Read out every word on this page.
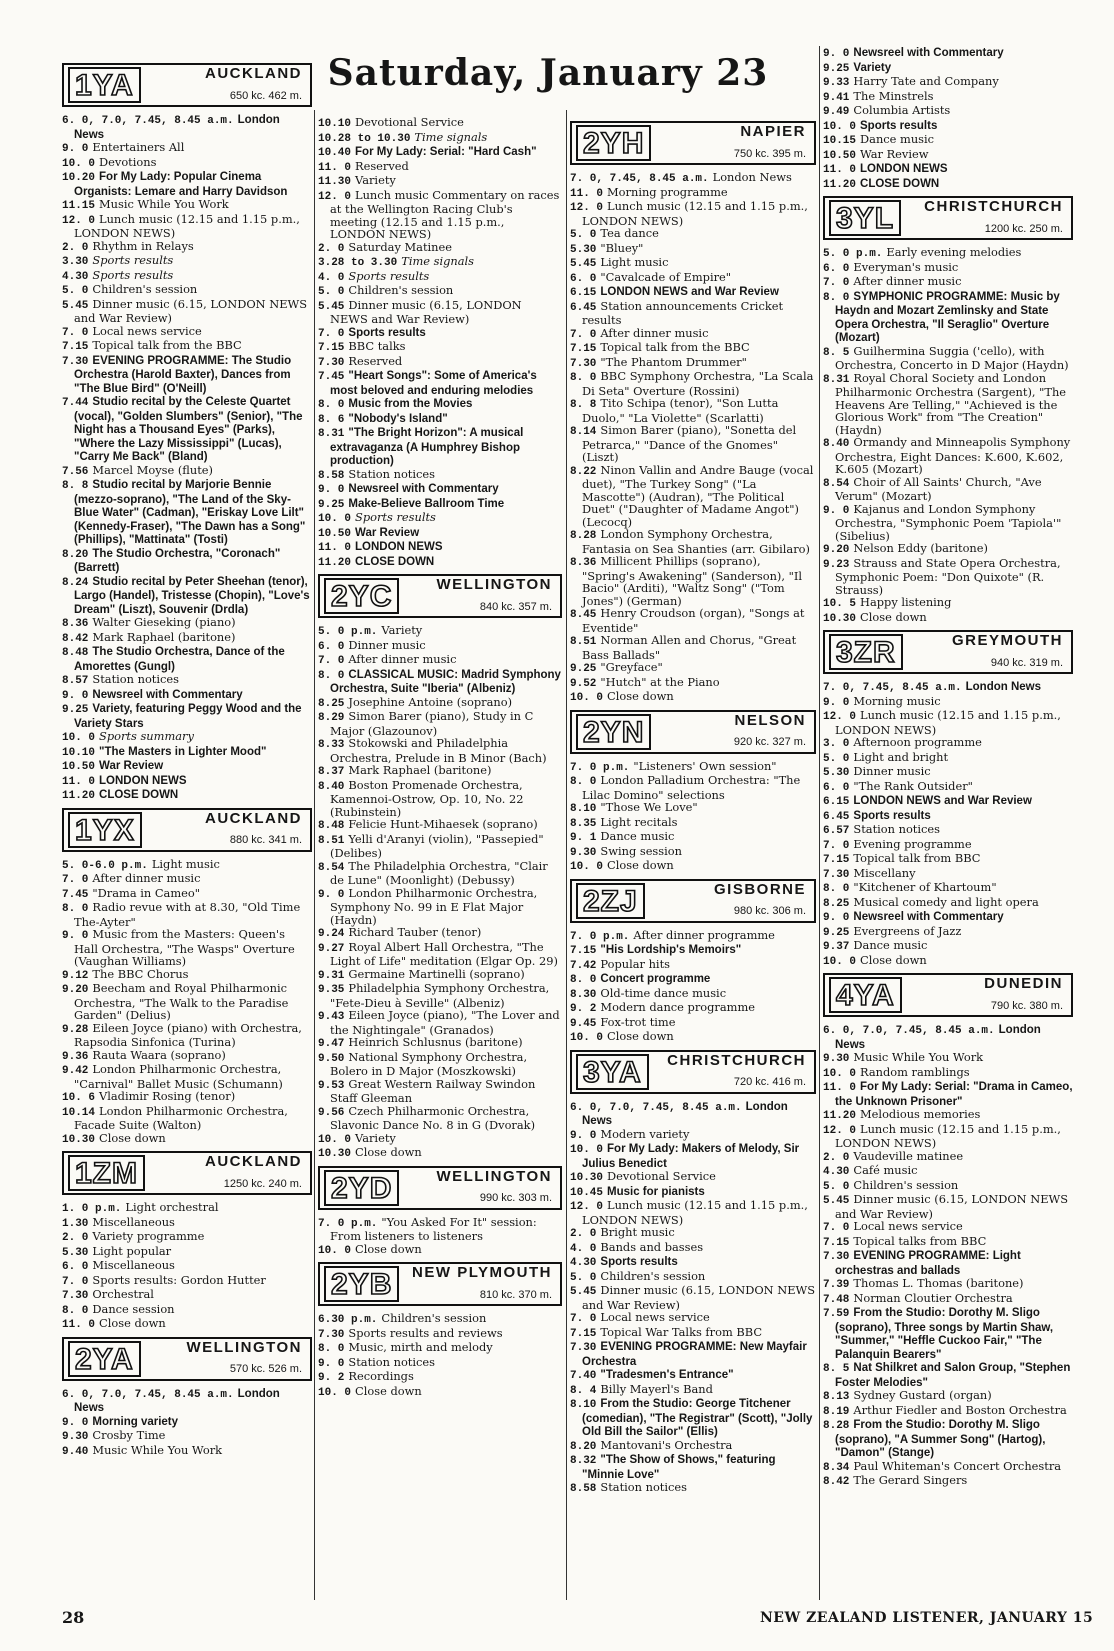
Saturday, January 23
1YA	AUCKLAND
650 kc. 462 m.

6. 0, 7.0, 7.45, 8.45 a.m. London News

9. 0 Entertainers All

10. 0 Devotions

10.20 For My Lady: Popular Cinema Organists: Lemare and Harry Davidson

11.15 Music While You Work

12. 0 Lunch music (12.15 and 1.15 p.m., LONDON NEWS)

2. 0 Rhythm in Relays

3.30 Sports results

4.30 Sports results

5. 0 Children's session

5.45 Dinner music (6.15, LONDON NEWS and War Review)

7. 0 Local news service

7.15 Topical talk from the BBC

7.30 EVENING PROGRAMME: The Studio Orchestra (Harold Baxter), Dances from "The Blue Bird" (O'Neill)

7.44 Studio recital by the Celeste Quartet (vocal), "Golden Slumbers" (Senior), "The Night has a Thousand Eyes" (Parks), "Where the Lazy Mississippi" (Lucas), "Carry Me Back" (Bland)

7.56 Marcel Moyse (flute)

8. 8 Studio recital by Marjorie Bennie (mezzo-soprano), "The Land of the Sky-Blue Water" (Cadman), "Eriskay Love Lilt" (Kennedy-Fraser), "The Dawn has a Song" (Phillips), "Mattinata" (Tosti)

8.20 The Studio Orchestra, "Coronach" (Barrett)

8.24 Studio recital by Peter Sheehan (tenor), Largo (Handel), Tristesse (Chopin), "Love's Dream" (Liszt), Souvenir (Drdla)

8.36 Walter Gieseking (piano)

8.42 Mark Raphael (baritone)

8.48 The Studio Orchestra, Dance of the Amorettes (Gungl)

8.57 Station notices

9. 0 Newsreel with Commentary

9.25 Variety, featuring Peggy Wood and the Variety Stars

10. 0 Sports summary

10.10 "The Masters in Lighter Mood"

10.50 War Review

11. 0 LONDON NEWS

11.20 CLOSE DOWN

1YX	AUCKLAND
880 kc. 341 m.

5. 0-6.0 p.m. Light music

7. 0 After dinner music

7.45 "Drama in Cameo"

8. 0 Radio revue with at 8.30, "Old Time The-Ayter"

9. 0 Music from the Masters: Queen's Hall Orchestra, "The Wasps" Overture (Vaughan Williams)

9.12 The BBC Chorus

9.20 Beecham and Royal Philharmonic Orchestra, "The Walk to the Paradise Garden" (Delius)

9.28 Eileen Joyce (piano) with Orchestra, Rapsodia Sinfonica (Turina)

9.36 Rauta Waara (soprano)

9.42 London Philharmonic Orchestra, "Carnival" Ballet Music (Schumann)

10. 6 Vladimir Rosing (tenor)

10.14 London Philharmonic Orchestra, Facade Suite (Walton)

10.30 Close down

1ZM	AUCKLAND
1250 kc. 240 m.

1. 0 p.m. Light orchestral

1.30 Miscellaneous

2. 0 Variety programme

5.30 Light popular

6. 0 Miscellaneous

7. 0 Sports results: Gordon Hutter

7.30 Orchestral

8. 0 Dance session

11. 0 Close down

2YA	WELLINGTON
570 kc. 526 m.

6. 0, 7.0, 7.45, 8.45 a.m. London News

9. 0 Morning variety

9.30 Crosby Time

9.40 Music While You Work

10.10 Devotional Service

10.28 to 10.30 Time signals

10.40 For My Lady: Serial: "Hard Cash"

11. 0 Reserved

11.30 Variety

12. 0 Lunch music Commentary on races at the Wellington Racing Club's meeting (12.15 and 1.15 p.m., LONDON NEWS)

2. 0 Saturday Matinee

3.28 to 3.30 Time signals

4. 0 Sports results

5. 0 Children's session

5.45 Dinner music (6.15, LONDON NEWS and War Review)

7. 0 Sports results

7.15 BBC talks

7.30 Reserved

7.45 "Heart Songs": Some of America's most beloved and enduring melodies

8. 0 Music from the Movies

8. 6 "Nobody's Island"

8.31 "The Bright Horizon": A musical extravaganza (A Humphrey Bishop production)

8.58 Station notices

9. 0 Newsreel with Commentary

9.25 Make-Believe Ballroom Time

10. 0 Sports results

10.50 War Review

11. 0 LONDON NEWS

11.20 CLOSE DOWN

2YC	WELLINGTON
840 kc. 357 m.

5. 0 p.m. Variety

6. 0 Dinner music

7. 0 After dinner music

8. 0 CLASSICAL MUSIC: Madrid Symphony Orchestra, Suite "Iberia" (Albeniz)

8.25 Josephine Antoine (soprano)

8.29 Simon Barer (piano), Study in C Major (Glazounov)

8.33 Stokowski and Philadelphia Orchestra, Prelude in B Minor (Bach)

8.37 Mark Raphael (baritone)

8.40 Boston Promenade Orchestra, Kamennoi-Ostrow, Op. 10, No. 22 (Rubinstein)

8.48 Felicie Hunt-Mihaesek (soprano)

8.51 Yelli d'Aranyi (violin), "Passepied" (Delibes)

8.54 The Philadelphia Orchestra, "Clair de Lune" (Moonlight) (Debussy)

9. 0 London Philharmonic Orchestra, Symphony No. 99 in E Flat Major (Haydn)

9.24 Richard Tauber (tenor)

9.27 Royal Albert Hall Orchestra, "The Light of Life" meditation (Elgar Op. 29)

9.31 Germaine Martinelli (soprano)

9.35 Philadelphia Symphony Orchestra, "Fete-Dieu à Seville" (Albeniz)

9.43 Eileen Joyce (piano), "The Lover and the Nightingale" (Granados)

9.47 Heinrich Schlusnus (baritone)

9.50 National Symphony Orchestra, Bolero in D Major (Moszkowski)

9.53 Great Western Railway Swindon Staff Gleeman

9.56 Czech Philharmonic Orchestra, Slavonic Dance No. 8 in G (Dvorak)

10. 0 Variety

10.30 Close down

2YD	WELLINGTON
990 kc. 303 m.

7. 0 p.m. "You Asked For It" session: From listeners to listeners

10. 0 Close down

2YB	NEW PLYMOUTH
810 kc. 370 m.

6.30 p.m. Children's session

7.30 Sports results and reviews

8. 0 Music, mirth and melody

9. 0 Station notices

9. 2 Recordings

10. 0 Close down

2YH	NAPIER
750 kc. 395 m.

7. 0, 7.45, 8.45 a.m. London News

11. 0 Morning programme

12. 0 Lunch music (12.15 and 1.15 p.m., LONDON NEWS)

5. 0 Tea dance

5.30 "Bluey"

5.45 Light music

6. 0 "Cavalcade of Empire"

6.15 LONDON NEWS and War Review

6.45 Station announcements Cricket results

7. 0 After dinner music

7.15 Topical talk from the BBC

7.30 "The Phantom Drummer"

8. 0 BBC Symphony Orchestra, "La Scala Di Seta" Overture (Rossini)

8. 8 Tito Schipa (tenor), "Son Lutta Duolo," "La Violette" (Scarlatti)

8.14 Simon Barer (piano), "Sonetta del Petrarca," "Dance of the Gnomes" (Liszt)

8.22 Ninon Vallin and Andre Bauge (vocal duet), "The Turkey Song" ("La Mascotte") (Audran), "The Political Duet" ("Daughter of Madame Angot") (Lecocq)

8.28 London Symphony Orchestra, Fantasia on Sea Shanties (arr. Gibilaro)

8.36 Millicent Phillips (soprano), "Spring's Awakening" (Sanderson), "Il Bacio" (Arditi), "Waltz Song" ("Tom Jones") (German)

8.45 Henry Croudson (organ), "Songs at Eventide"

8.51 Norman Allen and Chorus, "Great Bass Ballads"

9.25 "Greyface"

9.52 "Hutch" at the Piano

10. 0 Close down

2YN	NELSON
920 kc. 327 m.

7. 0 p.m. "Listeners' Own session"

8. 0 London Palladium Orchestra: "The Lilac Domino" selections

8.10 "Those We Love"

8.35 Light recitals

9. 1 Dance music

9.30 Swing session

10. 0 Close down

2ZJ	GISBORNE
980 kc. 306 m.

7. 0 p.m. After dinner programme

7.15 "His Lordship's Memoirs"

7.42 Popular hits

8. 0 Concert programme

8.30 Old-time dance music

9. 2 Modern dance programme

9.45 Fox-trot time

10. 0 Close down

3YA	CHRISTCHURCH
720 kc. 416 m.

6. 0, 7.0, 7.45, 8.45 a.m. London News

9. 0 Modern variety

10. 0 For My Lady: Makers of Melody, Sir Julius Benedict

10.30 Devotional Service

10.45 Music for pianists

12. 0 Lunch music (12.15 and 1.15 p.m., LONDON NEWS)

2. 0 Bright music

4. 0 Bands and basses

4.30 Sports results

5. 0 Children's session

5.45 Dinner music (6.15, LONDON NEWS and War Review)

7. 0 Local news service

7.15 Topical War Talks from BBC

7.30 EVENING PROGRAMME: New Mayfair Orchestra

7.40 "Tradesmen's Entrance"

8. 4 Billy Mayerl's Band

8.10 From the Studio: George Titchener (comedian), "The Registrar" (Scott), "Jolly Old Bill the Sailor" (Ellis)

8.20 Mantovani's Orchestra

8.32 "The Show of Shows," featuring "Minnie Love"

8.58 Station notices

9. 0 Newsreel with Commentary

9.25 Variety

9.33 Harry Tate and Company

9.41 The Minstrels

9.49 Columbia Artists

10. 0 Sports results

10.15 Dance music

10.50 War Review

11. 0 LONDON NEWS

11.20 CLOSE DOWN

3YL	CHRISTCHURCH
1200 kc. 250 m.

5. 0 p.m. Early evening melodies

6. 0 Everyman's music

7. 0 After dinner music

8. 0 SYMPHONIC PROGRAMME: Music by Haydn and Mozart Zemlinsky and State Opera Orchestra, "Il Seraglio" Overture (Mozart)

8. 5 Guilhermina Suggia ('cello), with Orchestra, Concerto in D Major (Haydn)

8.31 Royal Choral Society and London Philharmonic Orchestra (Sargent), "The Heavens Are Telling," "Achieved is the Glorious Work" from "The Creation" (Haydn)

8.40 Ormandy and Minneapolis Symphony Orchestra, Eight Dances: K.600, K.602, K.605 (Mozart)

8.54 Choir of All Saints' Church, "Ave Verum" (Mozart)

9. 0 Kajanus and London Symphony Orchestra, "Symphonic Poem 'Tapiola'" (Sibelius)

9.20 Nelson Eddy (baritone)

9.23 Strauss and State Opera Orchestra, Symphonic Poem: "Don Quixote" (R. Strauss)

10. 5 Happy listening

10.30 Close down

3ZR	GREYMOUTH
940 kc. 319 m.

7. 0, 7.45, 8.45 a.m. London News

9. 0 Morning music

12. 0 Lunch music (12.15 and 1.15 p.m., LONDON NEWS)

3. 0 Afternoon programme

5. 0 Light and bright

5.30 Dinner music

6. 0 "The Rank Outsider"

6.15 LONDON NEWS and War Review

6.45 Sports results

6.57 Station notices

7. 0 Evening programme

7.15 Topical talk from BBC

7.30 Miscellany

8. 0 "Kitchener of Khartoum"

8.25 Musical comedy and light opera

9. 0 Newsreel with Commentary

9.25 Evergreens of Jazz

9.37 Dance music

10. 0 Close down

4YA	DUNEDIN
790 kc. 380 m.

6. 0, 7.0, 7.45, 8.45 a.m. London News

9.30 Music While You Work

10. 0 Random ramblings

11. 0 For My Lady: Serial: "Drama in Cameo, the Unknown Prisoner"

11.20 Melodious memories

12. 0 Lunch music (12.15 and 1.15 p.m., LONDON NEWS)

2. 0 Vaudeville matinee

4.30 Café music

5. 0 Children's session

5.45 Dinner music (6.15, LONDON NEWS and War Review)

7. 0 Local news service

7.15 Topical talks from BBC

7.30 EVENING PROGRAMME: Light orchestras and ballads

7.39 Thomas L. Thomas (baritone)

7.48 Norman Cloutier Orchestra

7.59 From the Studio: Dorothy M. Sligo (soprano), Three songs by Martin Shaw, "Summer," "Heffle Cuckoo Fair," "The Palanquin Bearers"

8. 5 Nat Shilkret and Salon Group, "Stephen Foster Melodies"

8.13 Sydney Gustard (organ)

8.19 Arthur Fiedler and Boston Orchestra

8.28 From the Studio: Dorothy M. Sligo (soprano), "A Summer Song" (Hartog), "Damon" (Stange)

8.34 Paul Whiteman's Concert Orchestra

8.42 The Gerard Singers

28	NEW ZEALAND LISTENER, JANUARY 15
